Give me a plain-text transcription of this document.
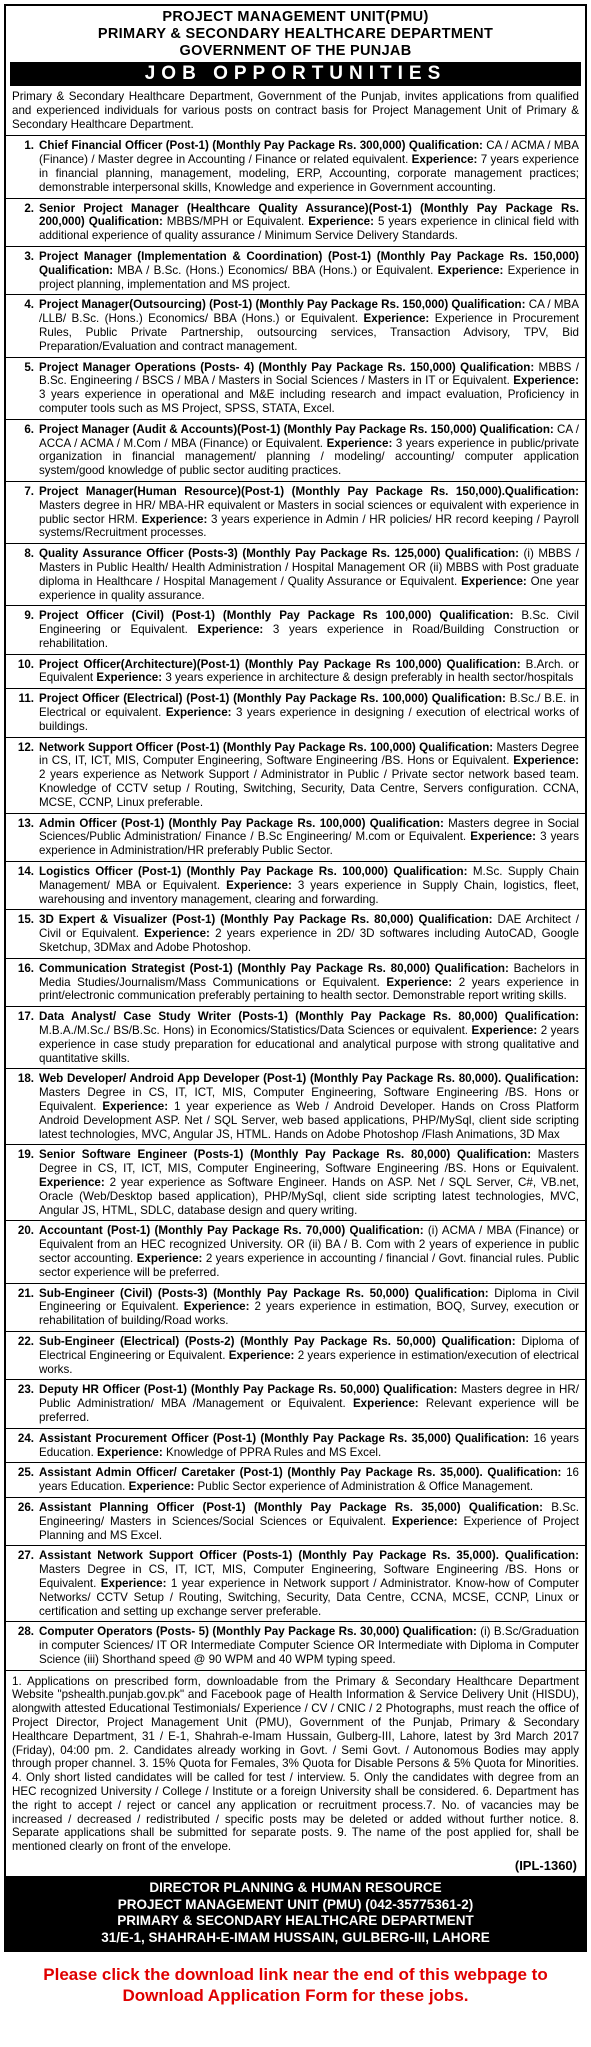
PROJECT MANAGEMENT UNIT(PMU)
PRIMARY & SECONDARY HEALTHCARE DEPARTMENT
GOVERNMENT OF THE PUNJAB
JOB OPPORTUNITIES
Primary & Secondary Healthcare Department, Government of the Punjab, invites applications from qualified and experienced individuals for various posts on contract basis for Project Management Unit of Primary & Secondary Healthcare Department.
1. Chief Financial Officer (Post-1) (Monthly Pay Package Rs. 300,000) Qualification: CA / ACMA / MBA (Finance) / Master degree in Accounting / Finance or related equivalent. Experience: 7 years experience in financial planning, management, modeling, ERP, Accounting, corporate management practices; demonstrable interpersonal skills, Knowledge and experience in Government accounting.
2. Senior Project Manager (Healthcare Quality Assurance)(Post-1) (Monthly Pay Package Rs. 200,000) Qualification: MBBS/MPH or Equivalent. Experience: 5 years experience in clinical field with additional experience of quality assurance / Minimum Service Delivery Standards.
3. Project Manager (Implementation & Coordination) (Post-1) (Monthly Pay Package Rs. 150,000) Qualification: MBA / B.Sc. (Hons.) Economics/ BBA (Hons.) or Equivalent. Experience: Experience in project planning, implementation and MS project.
4. Project Manager(Outsourcing) (Post-1) (Monthly Pay Package Rs. 150,000) Qualification: CA / MBA /LLB/ B.Sc. (Hons.) Economics/ BBA (Hons.) or Equivalent. Experience: Experience in Procurement Rules, Public Private Partnership, outsourcing services, Transaction Advisory, TPV, Bid Preparation/Evaluation and contract management.
5. Project Manager Operations (Posts- 4) (Monthly Pay Package Rs. 150,000) Qualification: MBBS / B.Sc. Engineering / BSCS / MBA / Masters in Social Sciences / Masters in IT or Equivalent. Experience: 3 years experience in operational and M&E including research and impact evaluation, Proficiency in computer tools such as MS Project, SPSS, STATA, Excel.
6. Project Manager (Audit & Accounts)(Post-1) (Monthly Pay Package Rs. 150,000) Qualification: CA / ACCA / ACMA / M.Com / MBA (Finance) or Equivalent. Experience: 3 years experience in public/private organization in financial management/ planning / modeling/ accounting/ computer application system/good knowledge of public sector auditing practices.
7. Project Manager(Human Resource)(Post-1) (Monthly Pay Package Rs. 150,000).Qualification: Masters degree in HR/ MBA-HR equivalent or Masters in social sciences or equivalent with experience in public sector HRM. Experience: 3 years experience in Admin / HR policies/ HR record keeping / Payroll systems/Recruitment processes.
8. Quality Assurance Officer (Posts-3) (Monthly Pay Package Rs. 125,000) Qualification: (i) MBBS / Masters in Public Health/ Health Administration / Hospital Management OR (ii) MBBS with Post graduate diploma in Healthcare / Hospital Management / Quality Assurance or Equivalent. Experience: One year experience in quality assurance.
9. Project Officer (Civil) (Post-1) (Monthly Pay Package Rs 100,000) Qualification: B.Sc. Civil Engineering or Equivalent. Experience: 3 years experience in Road/Building Construction or rehabilitation.
10. Project Officer(Architecture)(Post-1) (Monthly Pay Package Rs 100,000) Qualification: B.Arch. or Equivalent Experience: 3 years experience in architecture & design preferably in health sector/hospitals
11. Project Officer (Electrical) (Post-1) (Monthly Pay Package Rs. 100,000) Qualification: B.Sc./ B.E. in Electrical or equivalent. Experience: 3 years experience in designing / execution of electrical works of buildings.
12. Network Support Officer (Post-1) (Monthly Pay Package Rs. 100,000) Qualification: Masters Degree in CS, IT, ICT, MIS, Computer Engineering, Software Engineering /BS. Hons or Equivalent. Experience: 2 years experience as Network Support / Administrator in Public / Private sector network based team. Knowledge of CCTV setup / Routing, Switching, Security, Data Centre, Servers configuration. CCNA, MCSE, CCNP, Linux preferable.
13. Admin Officer (Post-1) (Monthly Pay Package Rs. 100,000) Qualification: Masters degree in Social Sciences/Public Administration/ Finance / B.Sc Engineering/ M.com or Equivalent. Experience: 3 years experience in Administration/HR preferably Public Sector.
14. Logistics Officer (Post-1) (Monthly Pay Package Rs. 100,000) Qualification: M.Sc. Supply Chain Management/ MBA or Equivalent. Experience: 3 years experience in Supply Chain, logistics, fleet, warehousing and inventory management, clearing and forwarding.
15. 3D Expert & Visualizer (Post-1) (Monthly Pay Package Rs. 80,000) Qualification: DAE Architect / Civil or Equivalent. Experience: 2 years experience in 2D/ 3D softwares including AutoCAD, Google Sketchup, 3DMax and Adobe Photoshop.
16. Communication Strategist (Post-1) (Monthly Pay Package Rs. 80,000) Qualification: Bachelors in Media Studies/Journalism/Mass Communications or Equivalent. Experience: 2 years experience in print/electronic communication preferably pertaining to health sector. Demonstrable report writing skills.
17. Data Analyst/ Case Study Writer (Posts-1) (Monthly Pay Package Rs. 80,000) Qualification: M.B.A./M.Sc./ BS/B.Sc. Hons) in Economics/Statistics/Data Sciences or equivalent. Experience: 2 years experience in case study preparation for educational and analytical purpose with strong qualitative and quantitative skills.
18. Web Developer/ Android App Developer (Post-1) (Monthly Pay Package Rs. 80,000). Qualification: Masters Degree in CS, IT, ICT, MIS, Computer Engineering, Software Engineering /BS. Hons or Equivalent. Experience: 1 year experience as Web / Android Developer. Hands on Cross Platform Android Development ASP. Net / SQL Server, web based applications, PHP/MySql, client side scripting latest technologies, MVC, Angular JS, HTML. Hands on Adobe Photoshop /Flash Animations, 3D Max
19. Senior Software Engineer (Posts-1) (Monthly Pay Package Rs. 80,000) Qualification: Masters Degree in CS, IT, ICT, MIS, Computer Engineering, Software Engineering /BS. Hons or Equivalent. Experience: 2 year experience as Software Engineer. Hands on ASP. Net / SQL Server, C#, VB.net, Oracle (Web/Desktop based application), PHP/MySql, client side scripting latest technologies, MVC, Angular JS, HTML, SDLC, database design and query writing.
20. Accountant (Post-1) (Monthly Pay Package Rs. 70,000) Qualification: (i) ACMA / MBA (Finance) or Equivalent from an HEC recognized University. OR (ii) BA / B. Com with 2 years of experience in public sector accounting. Experience: 2 years experience in accounting / financial / Govt. financial rules. Public sector experience will be preferred.
21. Sub-Engineer (Civil) (Posts-3) (Monthly Pay Package Rs. 50,000) Qualification: Diploma in Civil Engineering or Equivalent. Experience: 2 years experience in estimation, BOQ, Survey, execution or rehabilitation of building/Road works.
22. Sub-Engineer (Electrical) (Posts-2) (Monthly Pay Package Rs. 50,000) Qualification: Diploma of Electrical Engineering or Equivalent. Experience: 2 years experience in estimation/execution of electrical works.
23. Deputy HR Officer (Post-1) (Monthly Pay Package Rs. 50,000) Qualification: Masters degree in HR/ Public Administration/ MBA /Management or Equivalent. Experience: Relevant experience will be preferred.
24. Assistant Procurement Officer (Post-1) (Monthly Pay Package Rs. 35,000) Qualification: 16 years Education. Experience: Knowledge of PPRA Rules and MS Excel.
25. Assistant Admin Officer/ Caretaker (Post-1) (Monthly Pay Package Rs. 35,000). Qualification: 16 years Education. Experience: Public Sector experience of Administration & Office Management.
26. Assistant Planning Officer (Post-1) (Monthly Pay Package Rs. 35,000) Qualification: B.Sc. Engineering/ Masters in Sciences/Social Sciences or Equivalent. Experience: Experience of Project Planning and MS Excel.
27. Assistant Network Support Officer (Posts-1) (Monthly Pay Package Rs. 35,000). Qualification: Masters Degree in CS, IT, ICT, MIS, Computer Engineering, Software Engineering /BS. Hons or Equivalent. Experience: 1 year experience in Network support / Administrator. Know-how of Computer Networks/ CCTV Setup / Routing, Switching, Security, Data Centre, CCNA, MCSE, CCNP, Linux or certification and setting up exchange server preferable.
28. Computer Operators (Posts- 5) (Monthly Pay Package Rs. 30,000) Qualification: (i) B.Sc/Graduation in computer Sciences/ IT OR Intermediate Computer Science OR Intermediate with Diploma in Computer Science (iii) Shorthand speed @ 90 WPM and 40 WPM typing speed.
1. Applications on prescribed form, downloadable from the Primary & Secondary Healthcare Department Website "pshealth.punjab.gov.pk" and Facebook page of Health Information & Service Delivery Unit (HISDU), alongwith attested Educational Testimonials/ Experience / CV / CNIC / 2 Photographs, must reach the office of Project Director, Project Management Unit (PMU), Government of the Punjab, Primary & Secondary Healthcare Department, 31 / E-1, Shahrah-e-Imam Hussain, Gulberg-III, Lahore, latest by 3rd March 2017 (Friday), 04:00 pm. 2. Candidates already working in Govt. / Semi Govt. / Autonomous Bodies may apply through proper channel. 3. 15% Quota for Females, 3% Quota for Disable Persons & 5% Quota for Minorities. 4. Only short listed candidates will be called for test / interview. 5. Only the candidates with degree from an HEC recognized University / College / Institute or a foreign University shall be considered. 6. Department has the right to accept / reject or cancel any application or recruitment process.7. No. of vacancies may be increased / decreased / redistributed / specific posts may be deleted or added without further notice. 8. Separate applications shall be submitted for separate posts. 9. The name of the post applied for, shall be mentioned clearly on front of the envelope.
(IPL-1360)
DIRECTOR PLANNING & HUMAN RESOURCE
PROJECT MANAGEMENT UNIT (PMU) (042-35775361-2)
PRIMARY & SECONDARY HEALTHCARE DEPARTMENT
31/E-1, SHAHRAH-E-IMAM HUSSAIN, GULBERG-III, LAHORE
Please click the download link near the end of this webpage to Download Application Form for these jobs.
